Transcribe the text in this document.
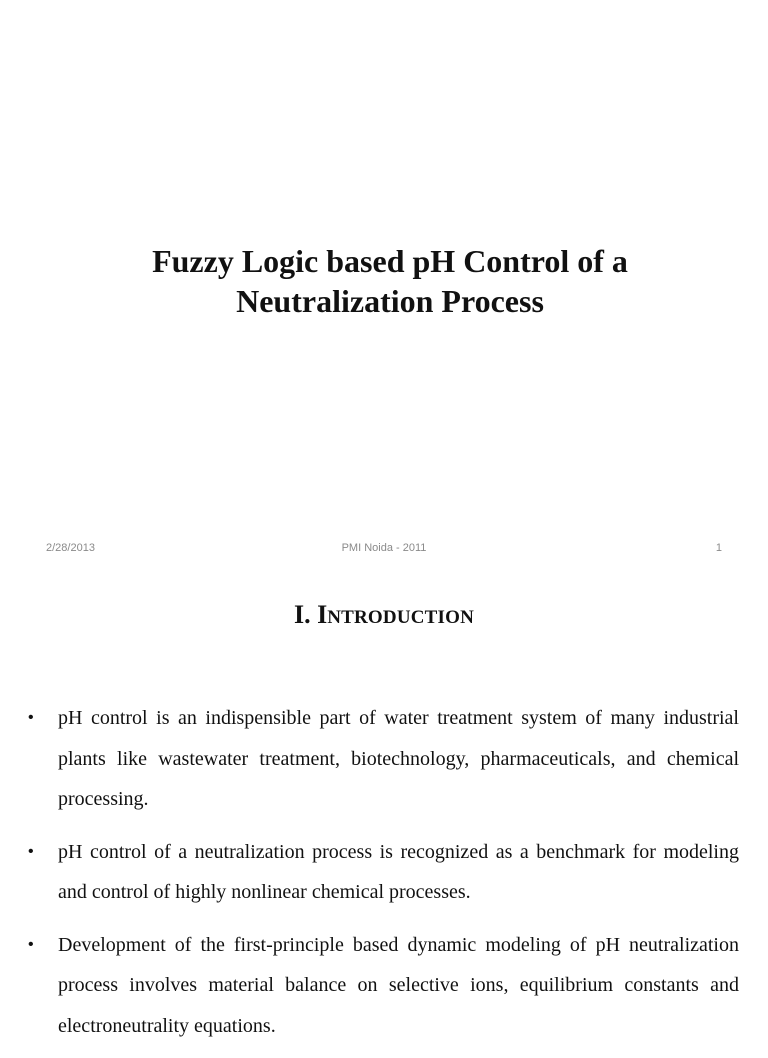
Fuzzy Logic based pH Control of a
Neutralization Process
2/28/2013	PMI Noida - 2011	1
I. INTRODUCTION
• pH control is an indispensible part of water treatment system of many industrial plants like wastewater treatment, biotechnology, pharmaceuticals, and chemical processing.
• pH control of a neutralization process is recognized as a benchmark for modeling and control of highly nonlinear chemical processes.
• Development of the first-principle based dynamic modeling of pH neutralization process involves material balance on selective ions, equilibrium constants and electroneutrality equations.
